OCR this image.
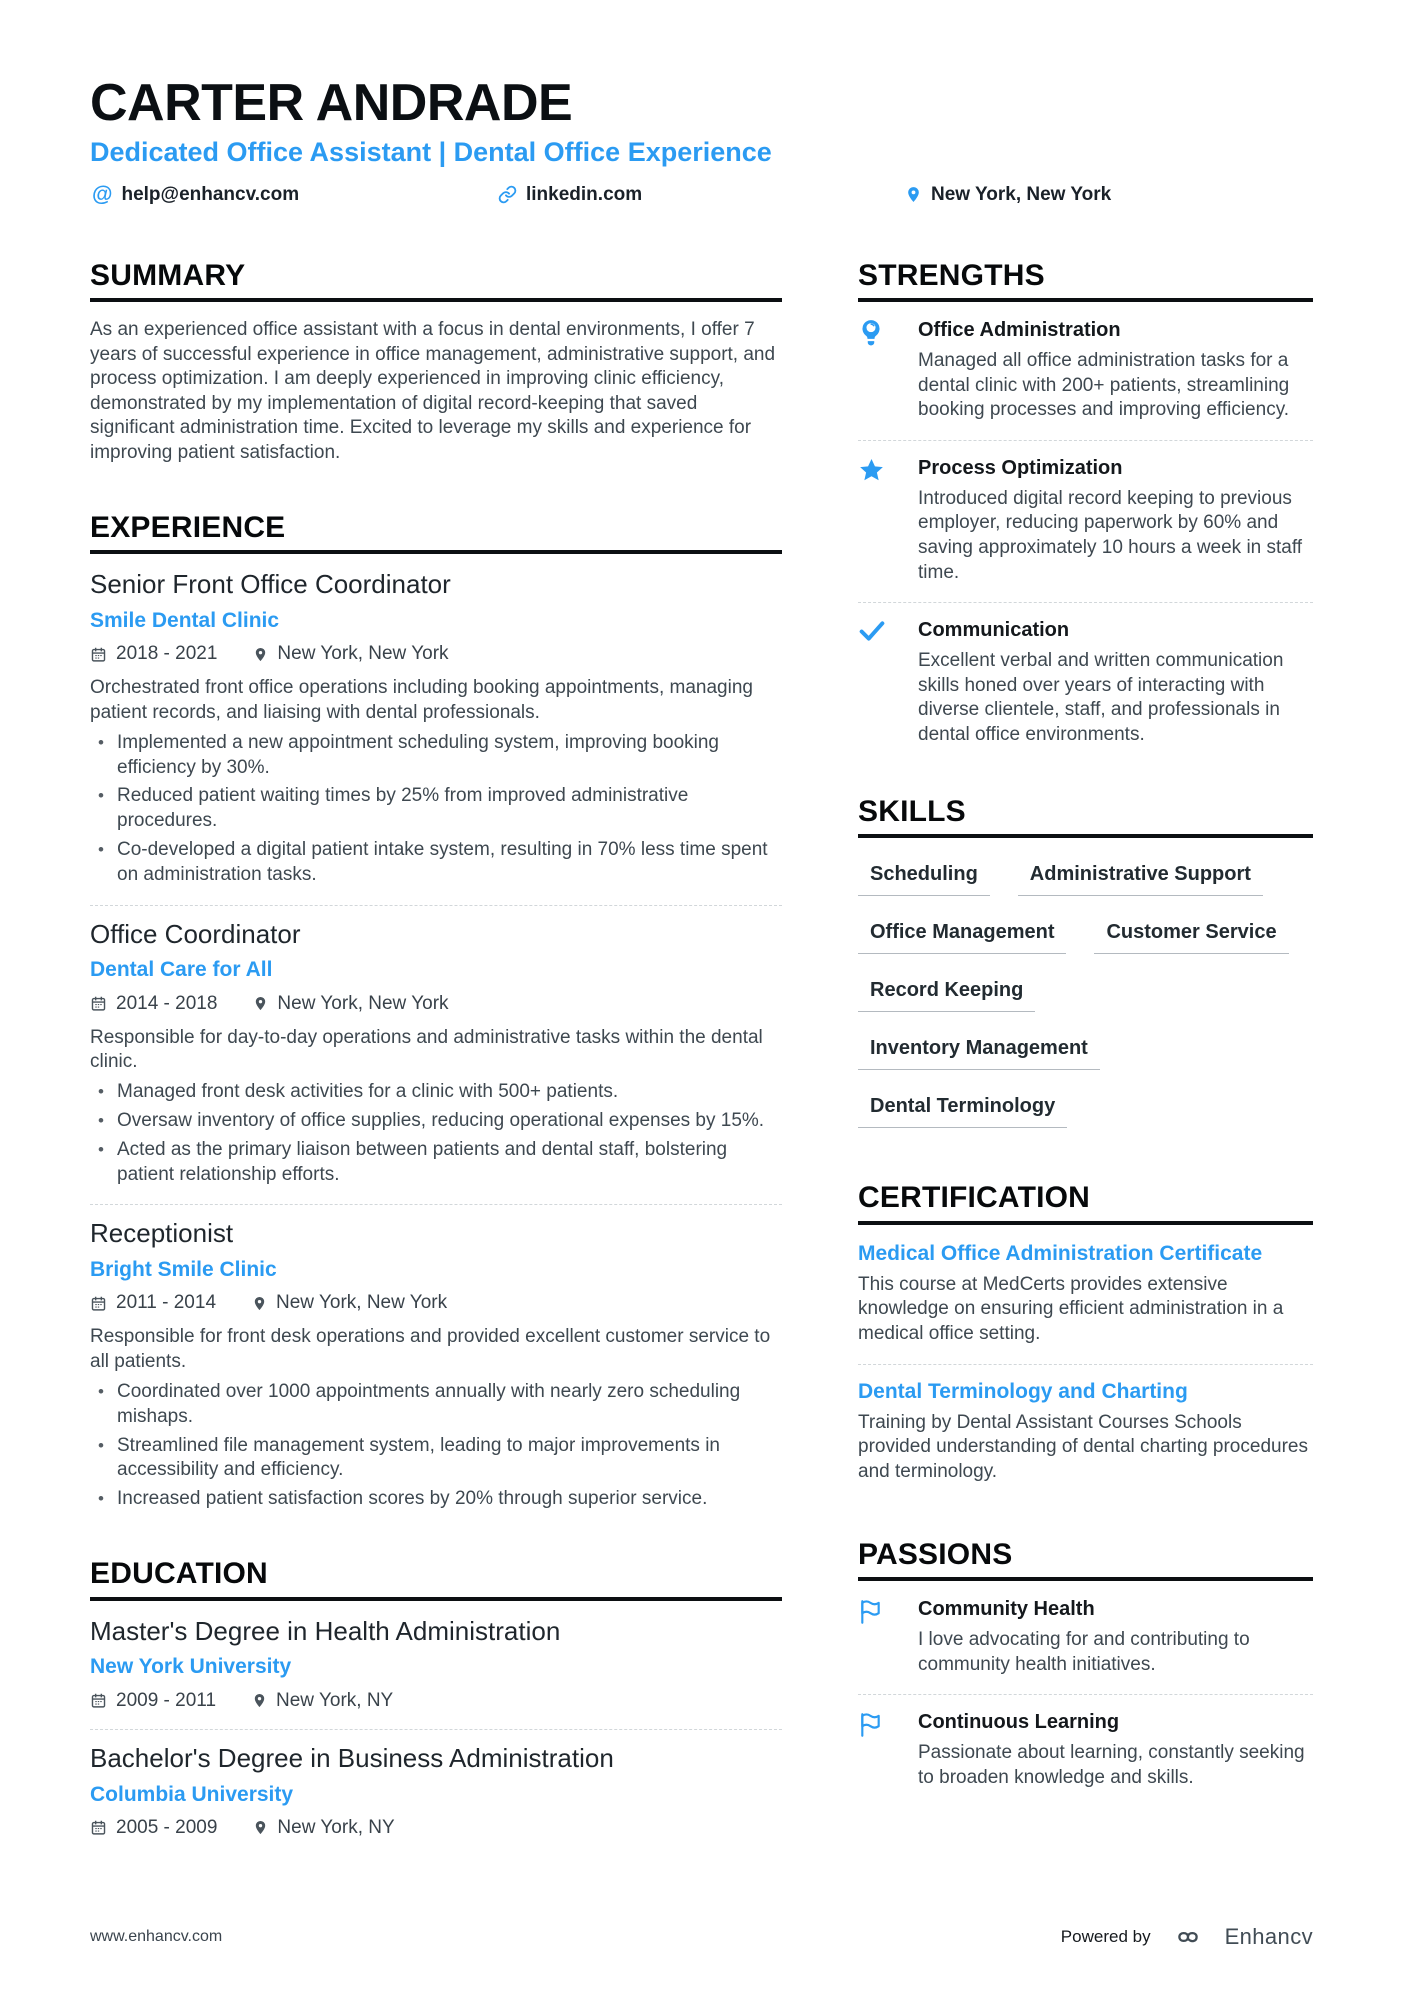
CARTER ANDRADE
Dedicated Office Assistant | Dental Office Experience
@ help@enhancv.com	linkedin.com	New York, New York
SUMMARY

As an experienced office assistant with a focus in dental environments, I offer 7 years of successful experience in office management, administrative support, and process optimization. I am deeply experienced in improving clinic efficiency, demonstrated by my implementation of digital record-keeping that saved significant administration time. Excited to leverage my skills and experience for improving patient satisfaction.

EXPERIENCE
Senior Front Office Coordinator
Smile Dental Clinic
2018 - 2021	New York, New York

Orchestrated front office operations including booking appointments, managing patient records, and liaising with dental professionals.

• Implemented a new appointment scheduling system, improving booking efficiency by 30%.
• Reduced patient waiting times by 25% from improved administrative procedures.
• Co-developed a digital patient intake system, resulting in 70% less time spent on administration tasks.
Office Coordinator
Dental Care for All
2014 - 2018	New York, New York

Responsible for day-to-day operations and administrative tasks within the dental clinic.

• Managed front desk activities for a clinic with 500+ patients.
• Oversaw inventory of office supplies, reducing operational expenses by 15%.
• Acted as the primary liaison between patients and dental staff, bolstering patient relationship efforts.
Receptionist
Bright Smile Clinic
2011 - 2014	New York, New York

Responsible for front desk operations and provided excellent customer service to all patients.

• Coordinated over 1000 appointments annually with nearly zero scheduling mishaps.
• Streamlined file management system, leading to major improvements in accessibility and efficiency.
• Increased patient satisfaction scores by 20% through superior service.
EDUCATION
Master's Degree in Health Administration
New York University
2009 - 2011	New York, NY
Bachelor's Degree in Business Administration
Columbia University
2005 - 2009	New York, NY
STRENGTHS
Office Administration
Managed all office administration tasks for a dental clinic with 200+ patients, streamlining booking processes and improving efficiency.
Process Optimization
Introduced digital record keeping to previous employer, reducing paperwork by 60% and saving approximately 10 hours a week in staff time.
Communication
Excellent verbal and written communication skills honed over years of interacting with diverse clientele, staff, and professionals in dental office environments.
SKILLS
Scheduling	Administrative Support
Office Management	Customer Service
Record Keeping
Inventory Management
Dental Terminology
CERTIFICATION
Medical Office Administration Certificate
This course at MedCerts provides extensive knowledge on ensuring efficient administration in a medical office setting.
Dental Terminology and Charting
Training by Dental Assistant Courses Schools provided understanding of dental charting procedures and terminology.
PASSIONS
Community Health
I love advocating for and contributing to community health initiatives.
Continuous Learning
Passionate about learning, constantly seeking to broaden knowledge and skills.
www.enhancv.com	Powered by	Enhancv
